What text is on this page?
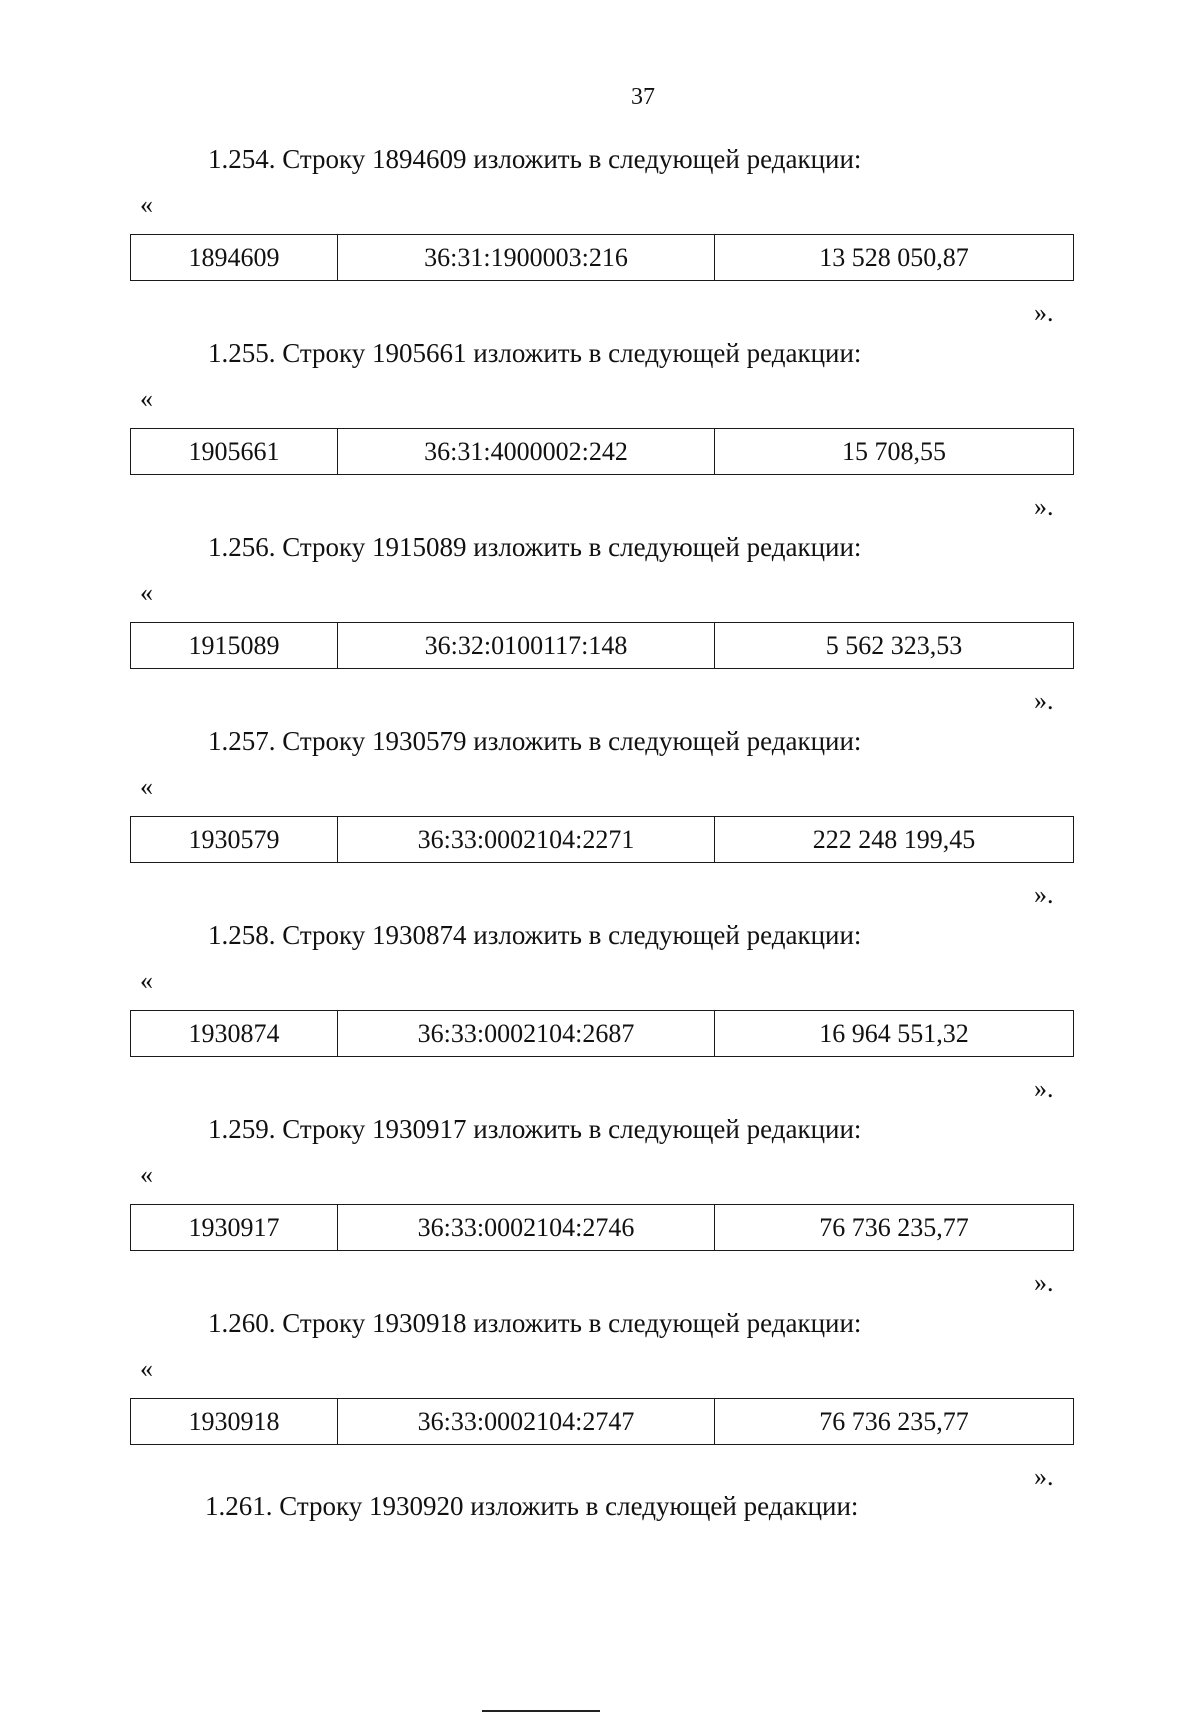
37
1.254. Строку 1894609 изложить в следующей редакции:
«
1894609	36:31:1900003:216	13 528 050,87
».
1.255. Строку 1905661 изложить в следующей редакции:
«
1905661	36:31:4000002:242	15 708,55
».
1.256. Строку 1915089 изложить в следующей редакции:
«
1915089	36:32:0100117:148	5 562 323,53
».
1.257. Строку 1930579 изложить в следующей редакции:
«
1930579	36:33:0002104:2271	222 248 199,45
».
1.258. Строку 1930874 изложить в следующей редакции:
«
1930874	36:33:0002104:2687	16 964 551,32
».
1.259. Строку 1930917 изложить в следующей редакции:
«
1930917	36:33:0002104:2746	76 736 235,77
».
1.260. Строку 1930918 изложить в следующей редакции:
«
1930918	36:33:0002104:2747	76 736 235,77
».
1.261. Строку 1930920 изложить в следующей редакции:
